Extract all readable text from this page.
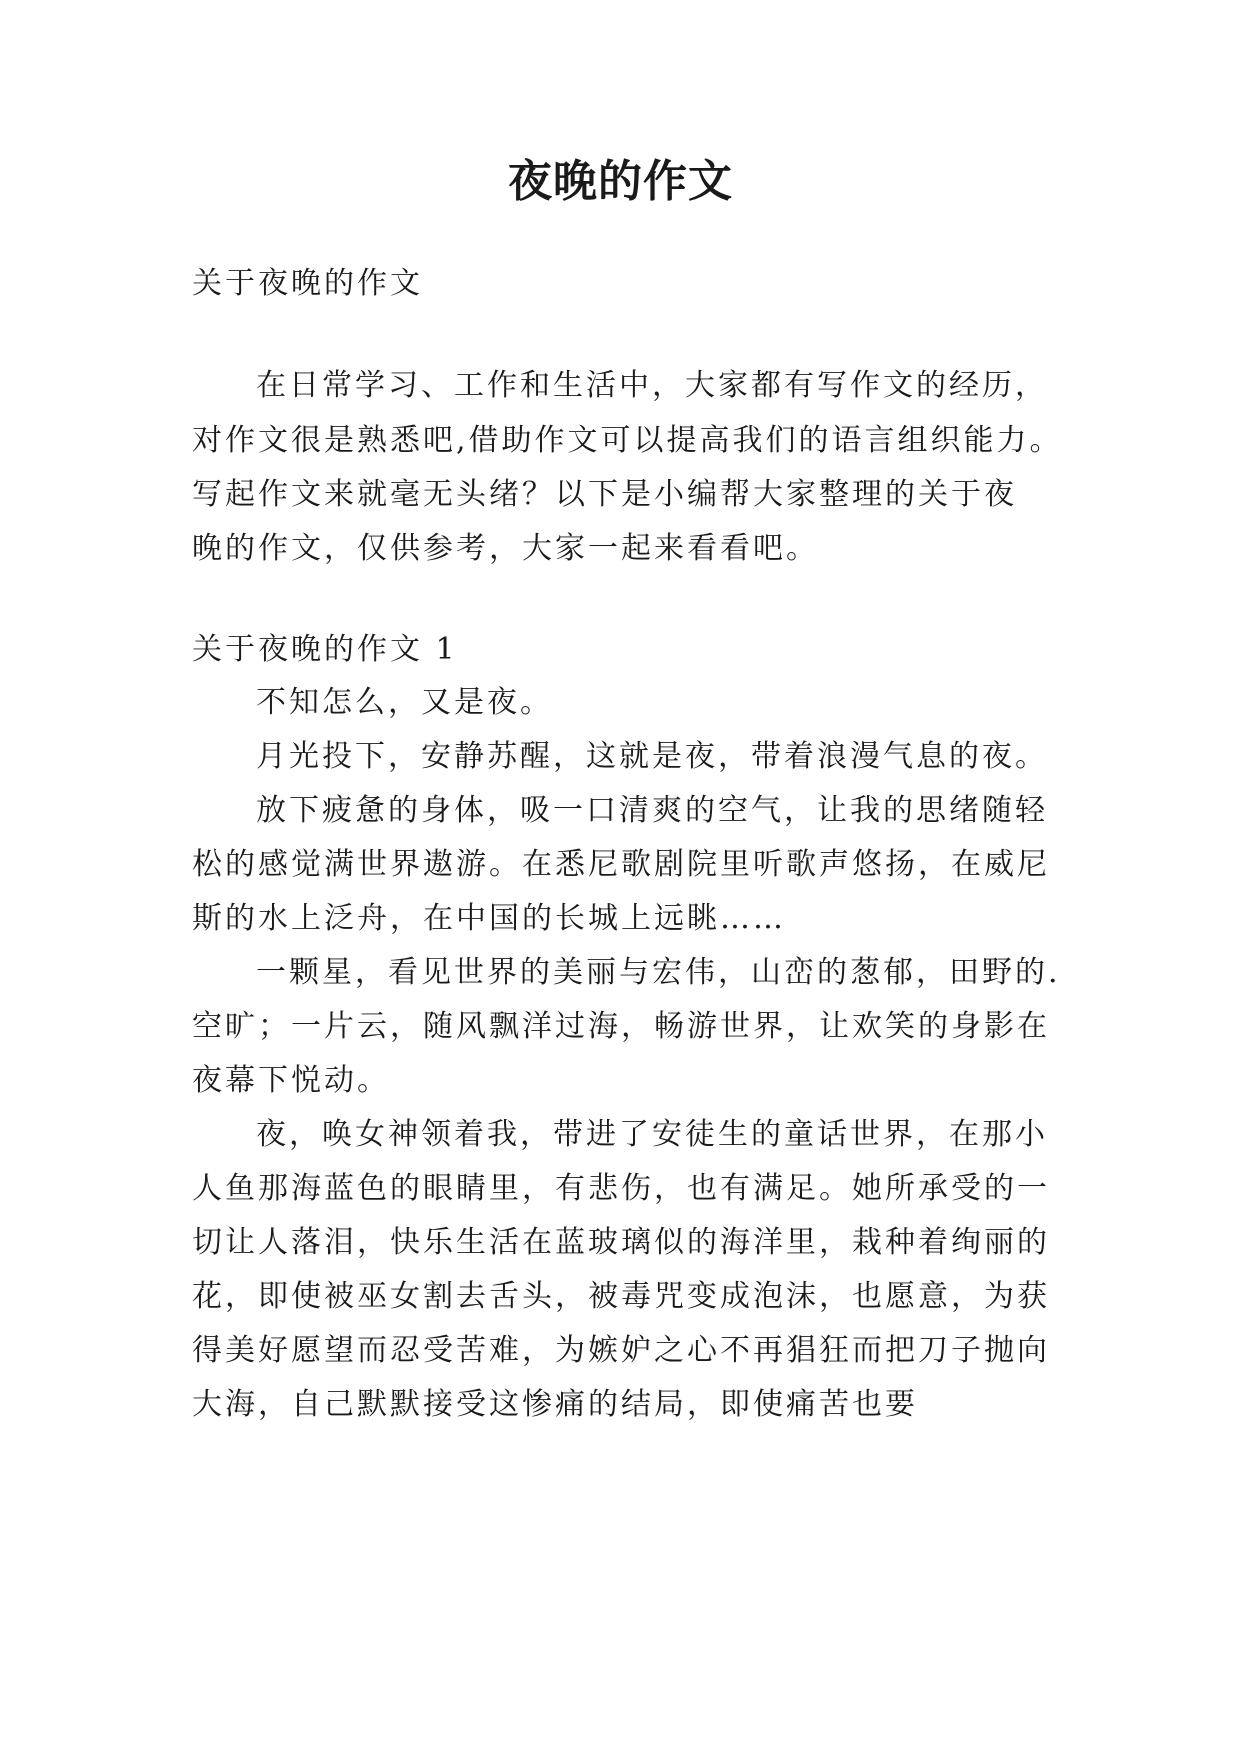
夜晚的作文
关于夜晚的作文
在日常学习、工作和生活中，大家都有写作文的经历，
对作文很是熟悉吧,借助作文可以提高我们的语言组织能力。
写起作文来就毫无头绪？以下是小编帮大家整理的关于夜
晚的作文，仅供参考，大家一起来看看吧。
关于夜晚的作文 1
不知怎么，又是夜。
月光投下，安静苏醒，这就是夜，带着浪漫气息的夜。
放下疲惫的身体，吸一口清爽的空气，让我的思绪随轻
松的感觉满世界遨游。在悉尼歌剧院里听歌声悠扬，在威尼
斯的水上泛舟，在中国的长城上远眺……
一颗星，看见世界的美丽与宏伟，山峦的葱郁，田野的.
空旷；一片云，随风飘洋过海，畅游世界，让欢笑的身影在
夜幕下悦动。
夜，唤女神领着我，带进了安徒生的童话世界，在那小
人鱼那海蓝色的眼睛里，有悲伤，也有满足。她所承受的一
切让人落泪，快乐生活在蓝玻璃似的海洋里，栽种着绚丽的
花，即使被巫女割去舌头，被毒咒变成泡沫，也愿意，为获
得美好愿望而忍受苦难，为嫉妒之心不再猖狂而把刀子抛向
大海，自己默默接受这惨痛的结局，即使痛苦也要
